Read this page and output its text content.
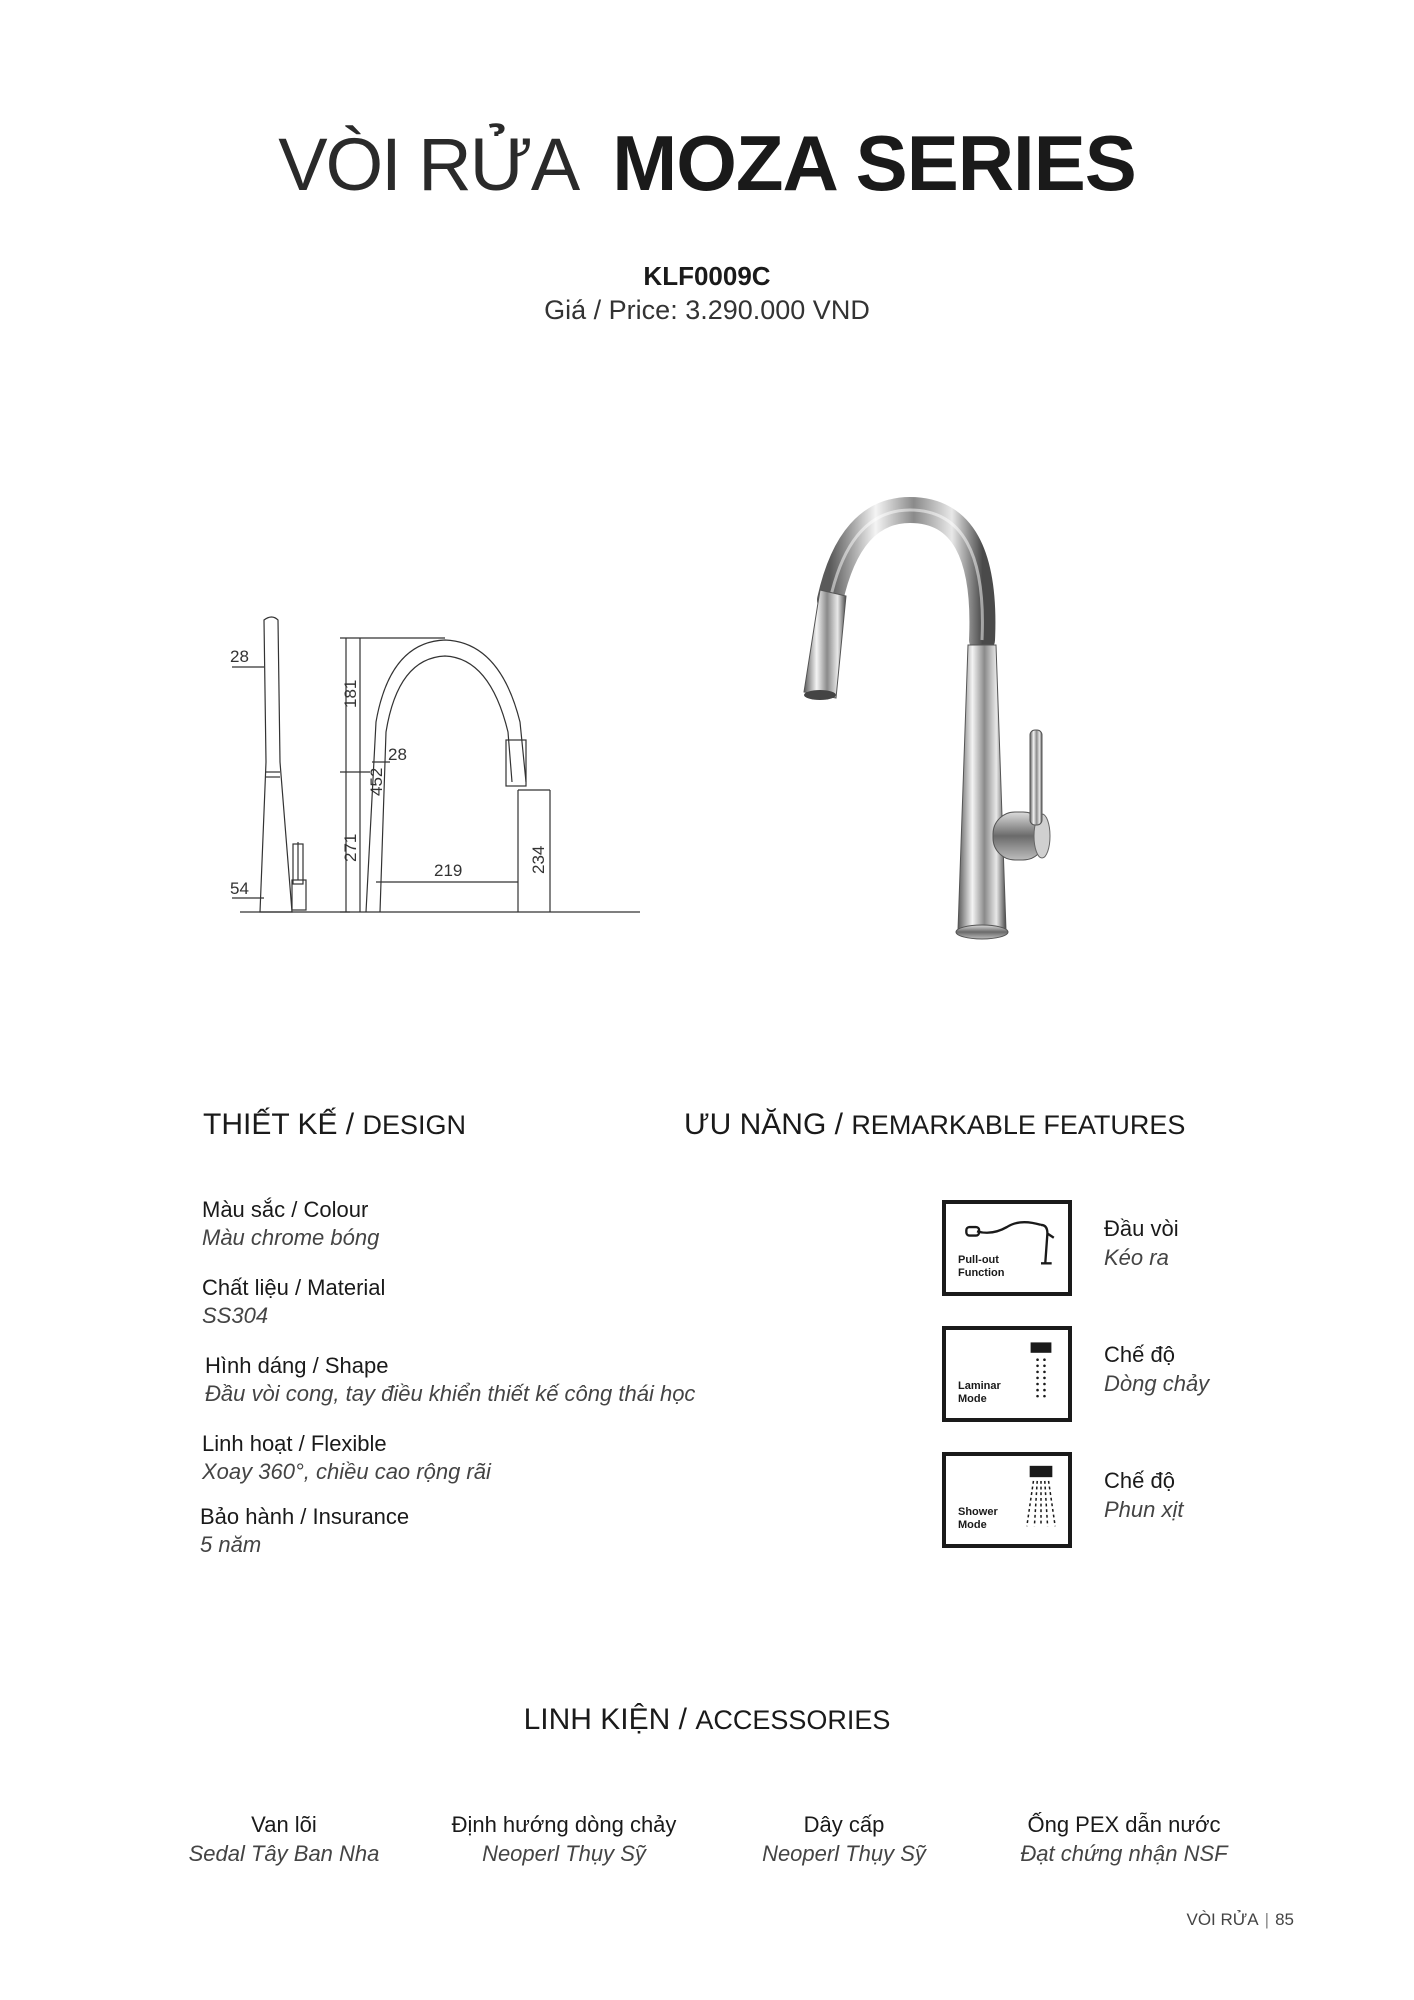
VÒI RỬA MOZA SERIES
KLF0009C
Giá / Price: 3.290.000 VND
28
54
181
28
452
271
219	234
THIẾT KẾ / DESIGN	ƯU NĂNG / REMARKABLE FEATURES
Màu sắc / Colour
Màu chrome bóng
Chất liệu / Material
SS304
Hình dáng / Shape
Đầu vòi cong, tay điều khiển thiết kế công thái học
Linh hoạt / Flexible
Xoay 360°, chiều cao rộng rãi
Bảo hành / Insurance
5 năm
Pull-out
Function
Đầu vòi
Kéo ra
Laminar
Mode
Chế độ
Dòng chảy
Shower
Mode
Chế độ
Phun xịt
LINH KIỆN / ACCESSORIES
Van lõi
Sedal Tây Ban Nha
Định hướng dòng chảy
Neoperl Thụy Sỹ
Dây cấp
Neoperl Thụy Sỹ
Ống PEX dẫn nước
Đạt chứng nhận NSF
VÒI RỬA | 85
